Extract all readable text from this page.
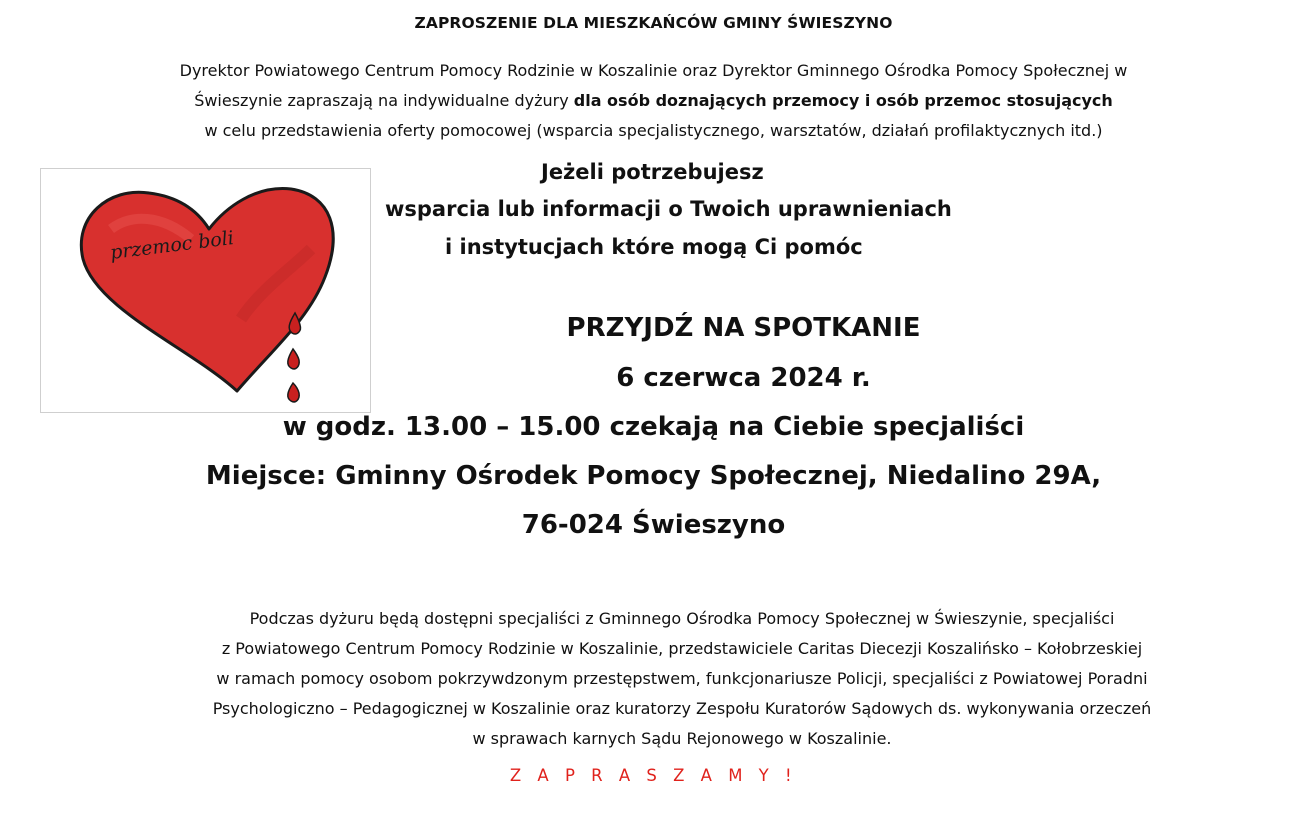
ZAPROSZENIE DLA MIESZKAŃCÓW GMINY ŚWIESZYNO
Dyrektor Powiatowego Centrum Pomocy Rodzinie w Koszalinie oraz Dyrektor Gminnego Ośrodka Pomocy Społecznej w
Świeszynie zapraszają na indywidualne dyżury dla osób doznających przemocy i osób przemoc stosujących
w celu przedstawienia oferty pomocowej (wsparcia specjalistycznego, warsztatów, działań profilaktycznych itd.)
przemoc boli
Jeżeli potrzebujesz
wsparcia lub informacji o Twoich uprawnieniach
i instytucjach które mogą Ci pomóc
PRZYJDŹ NA SPOTKANIE
6 czerwca 2024 r.
w godz. 13.00 – 15.00 czekają na Ciebie specjaliści
Miejsce: Gminny Ośrodek Pomocy Społecznej, Niedalino 29A,
76-024 Świeszyno
Podczas dyżuru będą dostępni specjaliści z Gminnego Ośrodka Pomocy Społecznej w Świeszynie, specjaliści
z Powiatowego Centrum Pomocy Rodzinie w Koszalinie, przedstawiciele Caritas Diecezji Koszalińsko – Kołobrzeskiej
w ramach pomocy osobom pokrzywdzonym przestępstwem, funkcjonariusze Policji, specjaliści z Powiatowej Poradni
Psychologiczno – Pedagogicznej w Koszalinie oraz kuratorzy Zespołu Kuratorów Sądowych ds. wykonywania orzeczeń
w sprawach karnych Sądu Rejonowego w Koszalinie.
Z A P R A S Z A M Y !
